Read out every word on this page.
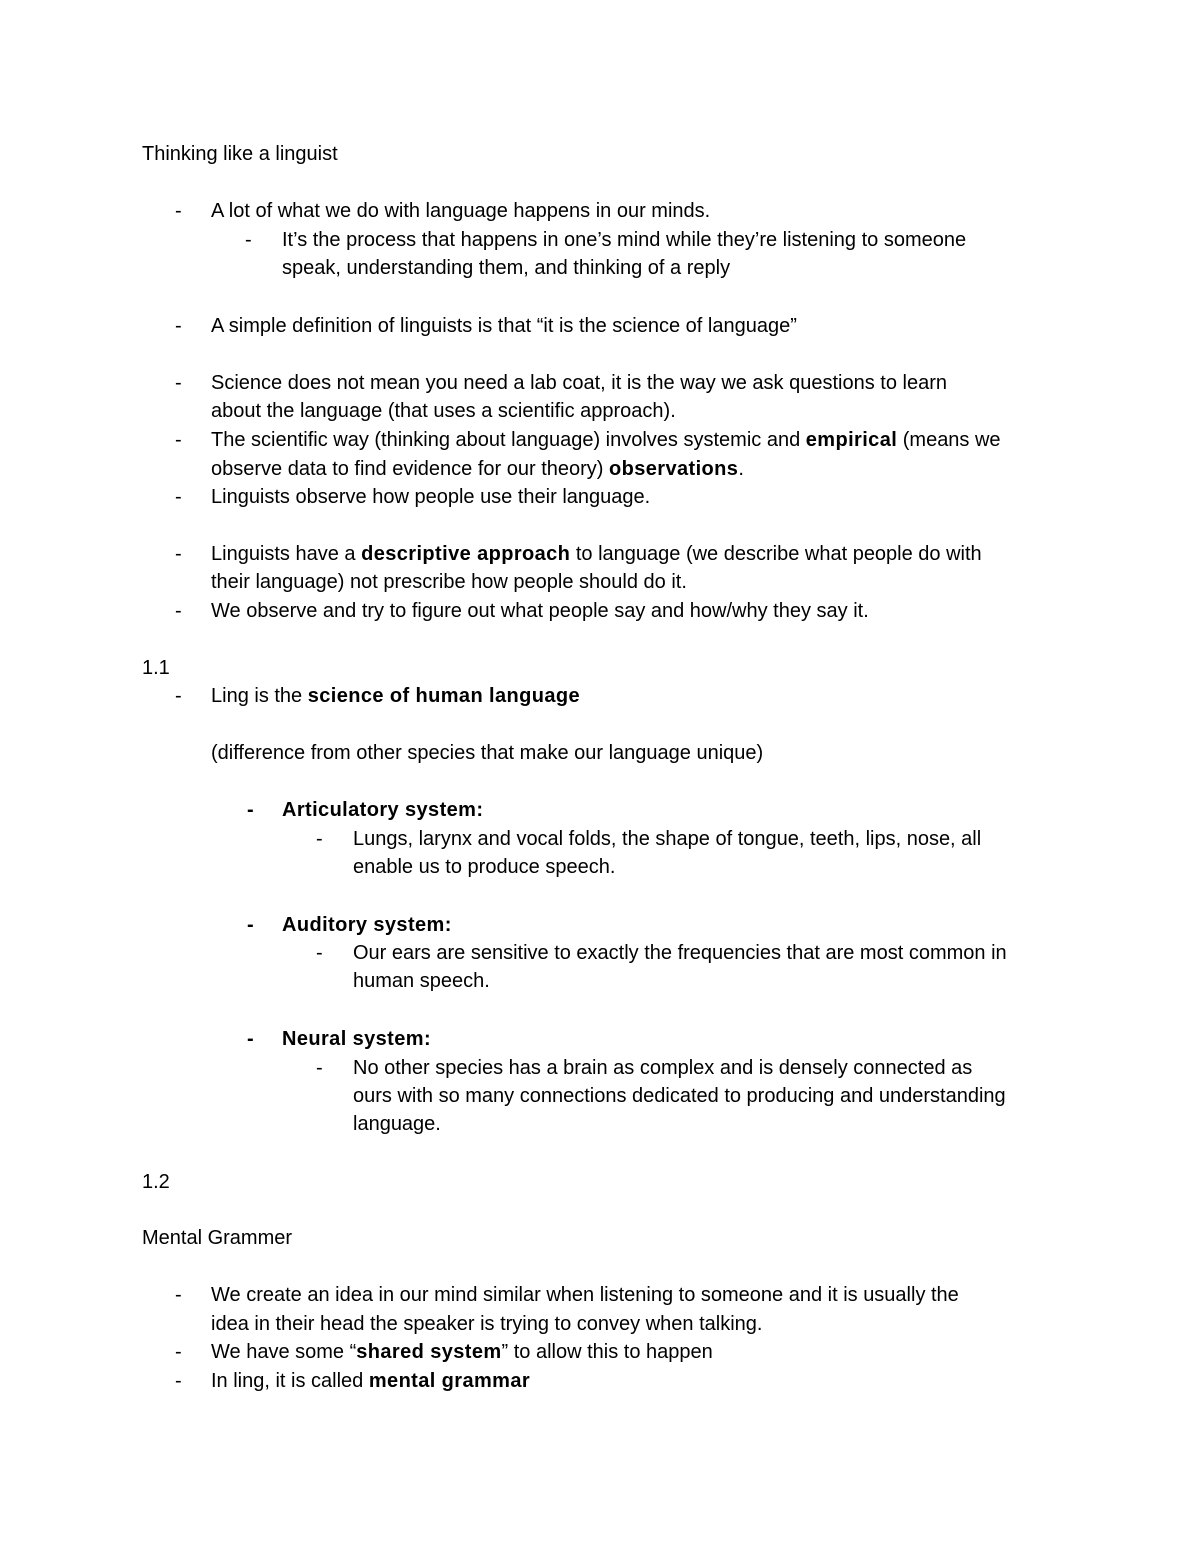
Thinking like a linguist

- A lot of what we do with language happens in our minds.

- It’s the process that happens in one’s mind while they’re listening to someone

speak, understanding them, and thinking of a reply

- A simple definition of linguists is that “it is the science of language”

- Science does not mean you need a lab coat, it is the way we ask questions to learn

about the language (that uses a scientific approach).

- The scientific way (thinking about language) involves systemic and empirical (means we

observe data to find evidence for our theory) observations.

- Linguists observe how people use their language.

- Linguists have a descriptive approach to language (we describe what people do with

their language) not prescribe how people should do it.

- We observe and try to figure out what people say and how/why they say it.

1.1

- Ling is the science of human language

(difference from other species that make our language unique)

- Articulatory system:

- Lungs, larynx and vocal folds, the shape of tongue, teeth, lips, nose, all

enable us to produce speech.

- Auditory system:

- Our ears are sensitive to exactly the frequencies that are most common in

human speech.

- Neural system:

- No other species has a brain as complex and is densely connected as

ours with so many connections dedicated to producing and understanding

language.

1.2

Mental Grammer

- We create an idea in our mind similar when listening to someone and it is usually the

idea in their head the speaker is trying to convey when talking.

- We have some “shared system” to allow this to happen

- In ling, it is called mental grammar
